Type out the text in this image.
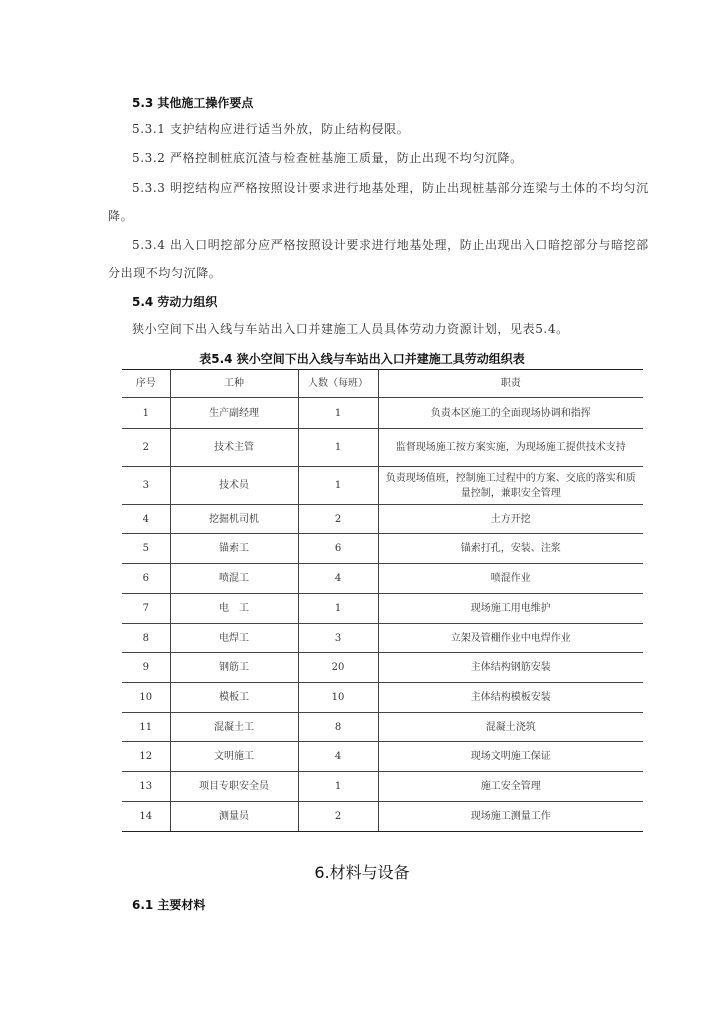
5.3 其他施工操作要点
5.3.1 支护结构应进行适当外放，防止结构侵限。
5.3.2 严格控制桩底沉渣与检查桩基施工质量，防止出现不均匀沉降。
5.3.3 明挖结构应严格按照设计要求进行地基处理，防止出现桩基部分连梁与土体的不均匀沉
降。
5.3.4 出入口明挖部分应严格按照设计要求进行地基处理，防止出现出入口暗挖部分与暗挖部
分出现不均匀沉降。
5.4 劳动力组织
狭小空间下出入线与车站出入口并建施工人员具体劳动力资源计划，见表5.4。
表5.4 狭小空间下出入线与车站出入口并建施工具劳动组织表
序号	工种	人数（每班）	职责
1	生产副经理	1	负责本区施工的全面现场协调和指挥
2	技术主管	1	监督现场施工按方案实施，为现场施工提供技术支持
3	技术员	1	负责现场值班，控制施工过程中的方案、交底的落实和质量控制，兼职安全管理
4	挖掘机司机	2	土方开挖
5	锚索工	6	锚索打孔，安装、注浆
6	喷混工	4	喷混作业
7	电　工	1	现场施工用电维护
8	电焊工	3	立架及管棚作业中电焊作业
9	钢筋工	20	主体结构钢筋安装
10	模板工	10	主体结构模板安装
11	混凝土工	8	混凝土浇筑
12	文明施工	4	现场文明施工保证
13	项目专职安全员	1	施工安全管理
14	测量员	2	现场施工测量工作
6.材料与设备
6.1 主要材料
